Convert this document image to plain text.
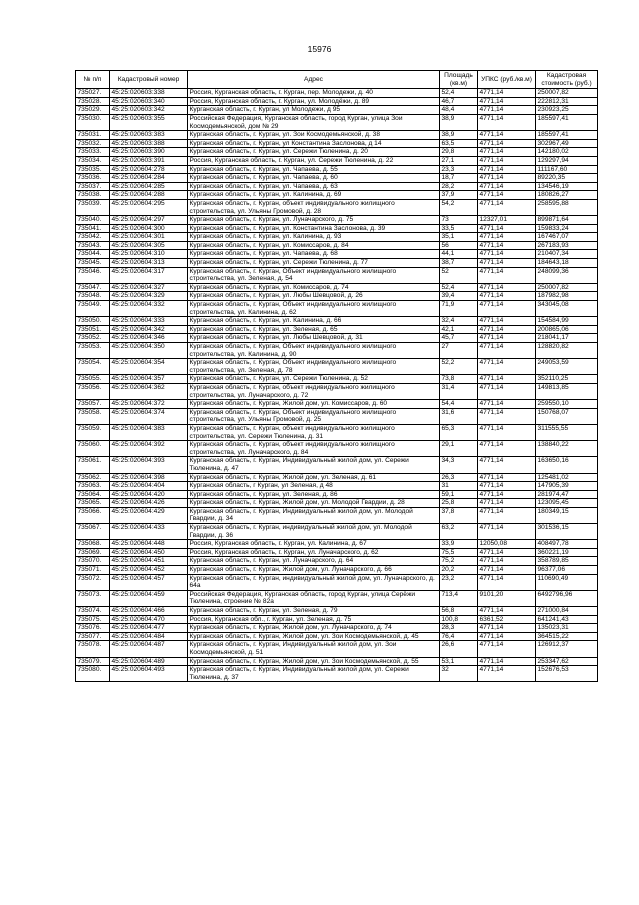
15976
№ п/п	Кадастровый номер	Адрес	Площадь (кв.м)	УПКС (руб./кв.м)	Кадастровая стоимость (руб.)
735027.	45:25:020603:338	Россия, Курганская область, г. Курган, пер. Молодежи, д. 40	52,4	4771,14	250007,82
735028.	45:25:020603:340	Россия, Курганская область, г. Курган, ул. Молодёжи, д. 89	46,7	4771,14	222812,31
735029.	45:25:020603:342	Курганская область, г. Курган, ул Молодежи, д 95	48,4	4771,14	230923,25
735030.	45:25:020603:355	Российская Федерация, Курганская область, город Курган, улица Зои Космодемьянской, дом № 29	38,9	4771,14	185597,41
735031.	45:25:020603:383	Курганская область, г. Курган, ул. Зои Космодемьянской, д. 38	38,9	4771,14	185597,41
735032.	45:25:020603:388	Курганская область, г. Курган, ул Константина Заслонова, д 14	63,5	4771,14	302967,49
735033.	45:25:020603:390	Курганская область, г. Курган, ул. Сережи Тюленина, д. 20	29,8	4771,14	142180,02
735034.	45:25:020603:391	Россия, Курганская область, г. Курган, ул. Сережи Тюленина, д. 22	27,1	4771,14	129297,94
735035.	45:25:020604:278	Курганская область, г. Курган, ул. Чапаева, д. 55	23,3	4771,14	111167,60
735036.	45:25:020604:284	Курганская область, г. Курган, ул. Чапаева, д. 60	18,7	4771,14	89220,35
735037.	45:25:020604:285	Курганская область, г. Курган, ул. Чапаева, д. 63	28,2	4771,14	134546,19
735038.	45:25:020604:288	Курганская область, г. Курган, ул. Калинина, д. 69	37,9	4771,14	180826,27
735039.	45:25:020604:295	Курганская область, г. Курган, объект индивидуального жилищного строительства, ул. Ульяны Громовой, д. 28	54,2	4771,14	258595,88
735040.	45:25:020604:297	Курганская область, г. Курган, ул. Луначарского, д. 75	73	12327,01	899871,64
735041.	45:25:020604:300	Курганская область, г. Курган, ул. Константина Заслонова, д. 39	33,5	4771,14	159833,24
735042.	45:25:020604:301	Курганская область, г. Курган, ул. Калинина, д. 93	35,1	4771,14	167467,07
735043.	45:25:020604:305	Курганская область, г. Курган, ул. Комиссаров, д. 84	56	4771,14	267183,93
735044.	45:25:020604:310	Курганская область, г. Курган, ул. Чапаева, д. 68	44,1	4771,14	210407,34
735045.	45:25:020604:313	Курганская область, г. Курган, ул. Сережи Тюленина, д. 77	38,7	4771,14	184643,18
735046.	45:25:020604:317	Курганская область, г. Курган, Объект индивидуального жилищного строительства, ул. Зеленая, д. 54	52	4771,14	248099,36
735047.	45:25:020604:327	Курганская область, г. Курган, ул. Комиссаров, д. 74	52,4	4771,14	250007,82
735048.	45:25:020604:329	Курганская область, г. Курган, ул. Любы Шевцовой, д. 26	39,4	4771,14	187982,98
735049.	45:25:020604:332	Курганская область, г. Курган, Объект индивидуального жилищного строительства, ул. Калинина, д. 62	71,9	4771,14	343045,08
735050.	45:25:020604:333	Курганская область, г. Курган, ул. Калинина, д. 66	32,4	4771,14	154584,99
735051.	45:25:020604:342	Курганская область, г. Курган, ул. Зеленая, д. 65	42,1	4771,14	200865,06
735052.	45:25:020604:346	Курганская область, г. Курган, ул. Любы Шевцовой, д. 31	45,7	4771,14	218041,17
735053.	45:25:020604:350	Курганская область, г. Курган, Объект индивидуального жилищного строительства, ул. Калинина, д. 90	27	4771,14	128820,82
735054.	45:25:020604:354	Курганская область, г. Курган, Объект индивидуального жилищного строительства, ул. Зеленая, д. 78	52,2	4771,14	249053,59
735055.	45:25:020604:357	Курганская область, г. Курган, ул. Сережи Тюленина, д. 52	73,8	4771,14	352110,25
735056.	45:25:020604:362	Курганская область, г. Курган, объект индивидуального жилищного строительства, ул. Луначарского, д. 72	31,4	4771,14	149813,85
735057.	45:25:020604:372	Курганская область, г. Курган, Жилой дом, ул. Комиссаров, д. 60	54,4	4771,14	259550,10
735058.	45:25:020604:374	Курганская область, г. Курган, Объект индивидуального жилищного строительства, ул. Ульяны Громовой, д. 25	31,6	4771,14	150768,07
735059.	45:25:020604:383	Курганская область, г. Курган, объект индивидуального жилищного строительства, ул. Сережи Тюленина, д. 31	65,3	4771,14	311555,55
735060.	45:25:020604:392	Курганская область, г. Курган, объект индивидуального жилищного строительства, ул. Луначарского, д. 84	29,1	4771,14	138840,22
735061.	45:25:020604:393	Курганская область, г. Курган, Индивидуальный жилой дом, ул. Сережи Тюленина, д. 47	34,3	4771,14	163650,16
735062.	45:25:020604:398	Курганская область, г. Курган, Жилой дом, ул. Зеленая, д. 61	26,3	4771,14	125481,02
735063.	45:25:020604:404	Курганская область, г Курган, ул Зеленая, д 48	31	4771,14	147905,39
735064.	45:25:020604:420	Курганская область, г. Курган, ул. Зеленая, д. 86	59,1	4771,14	281974,47
735065.	45:25:020604:426	Курганская область, г. Курган, Жилой дом, ул. Молодой Гвардии, д. 28	25,8	4771,14	123095,45
735066.	45:25:020604:429	Курганская область, г. Курган, Индивидуальный жилой дом, ул. Молодой Гвардии, д. 34	37,8	4771,14	180349,15
735067.	45:25:020604:433	Курганская область, г. Курган, индивидуальный жилой дом, ул. Молодой Гвардии, д. 36	63,2	4771,14	301536,15
735068.	45:25:020604:448	Россия, Курганская область, г. Курган, ул. Калинина, д. 67	33,9	12050,08	408497,78
735069.	45:25:020604:450	Россия, Курганская область, г. Курган, ул. Луначарского, д. 62	75,5	4771,14	360221,19
735070.	45:25:020604:451	Курганская область, г. Курган, ул. Луначарского, д. 64	75,2	4771,14	358789,85
735071.	45:25:020604:452	Курганская область, г. Курган, Жилой дом, ул. Луначарского, д. 66	20,2	4771,14	96377,06
735072.	45:25:020604:457	Курганская область, г. Курган, индивидуальный жилой дом, ул. Луначарского, д. 64а	23,2	4771,14	110690,49
735073.	45:25:020604:459	Российская Федерация, Курганская область, город Курган, улица Серёжи Тюленина, строение № 82а	713,4	9101,20	6492796,96
735074.	45:25:020604:466	Курганская область, г. Курган, ул. Зеленая, д. 79	56,8	4771,14	271000,84
735075.	45:25:020604:470	Россия, Курганская обл., г. Курган, ул. Зеленая, д. 75	100,8	6361,52	641241,43
735076.	45:25:020604:477	Курганская область, г. Курган, Жилой дом, ул. Луначарского, д. 74	28,3	4771,14	135023,31
735077.	45:25:020604:484	Курганская область, г. Курган, Жилой дом, ул. Зои Космодемьянской, д. 45	76,4	4771,14	364515,22
735078.	45:25:020604:487	Курганская область, г. Курган, Индивидуальный жилой дом, ул. Зои Космодемьянской, д. 51	26,6	4771,14	126912,37
735079.	45:25:020604:489	Курганская область, г. Курган, Жилой дом, ул. Зои Космодемьянской, д. 55	53,1	4771,14	253347,62
735080.	45:25:020604:493	Курганская область, г. Курган, Индивидуальный жилой дом, ул. Сережи Тюленина, д. 37	32	4771,14	152676,53
